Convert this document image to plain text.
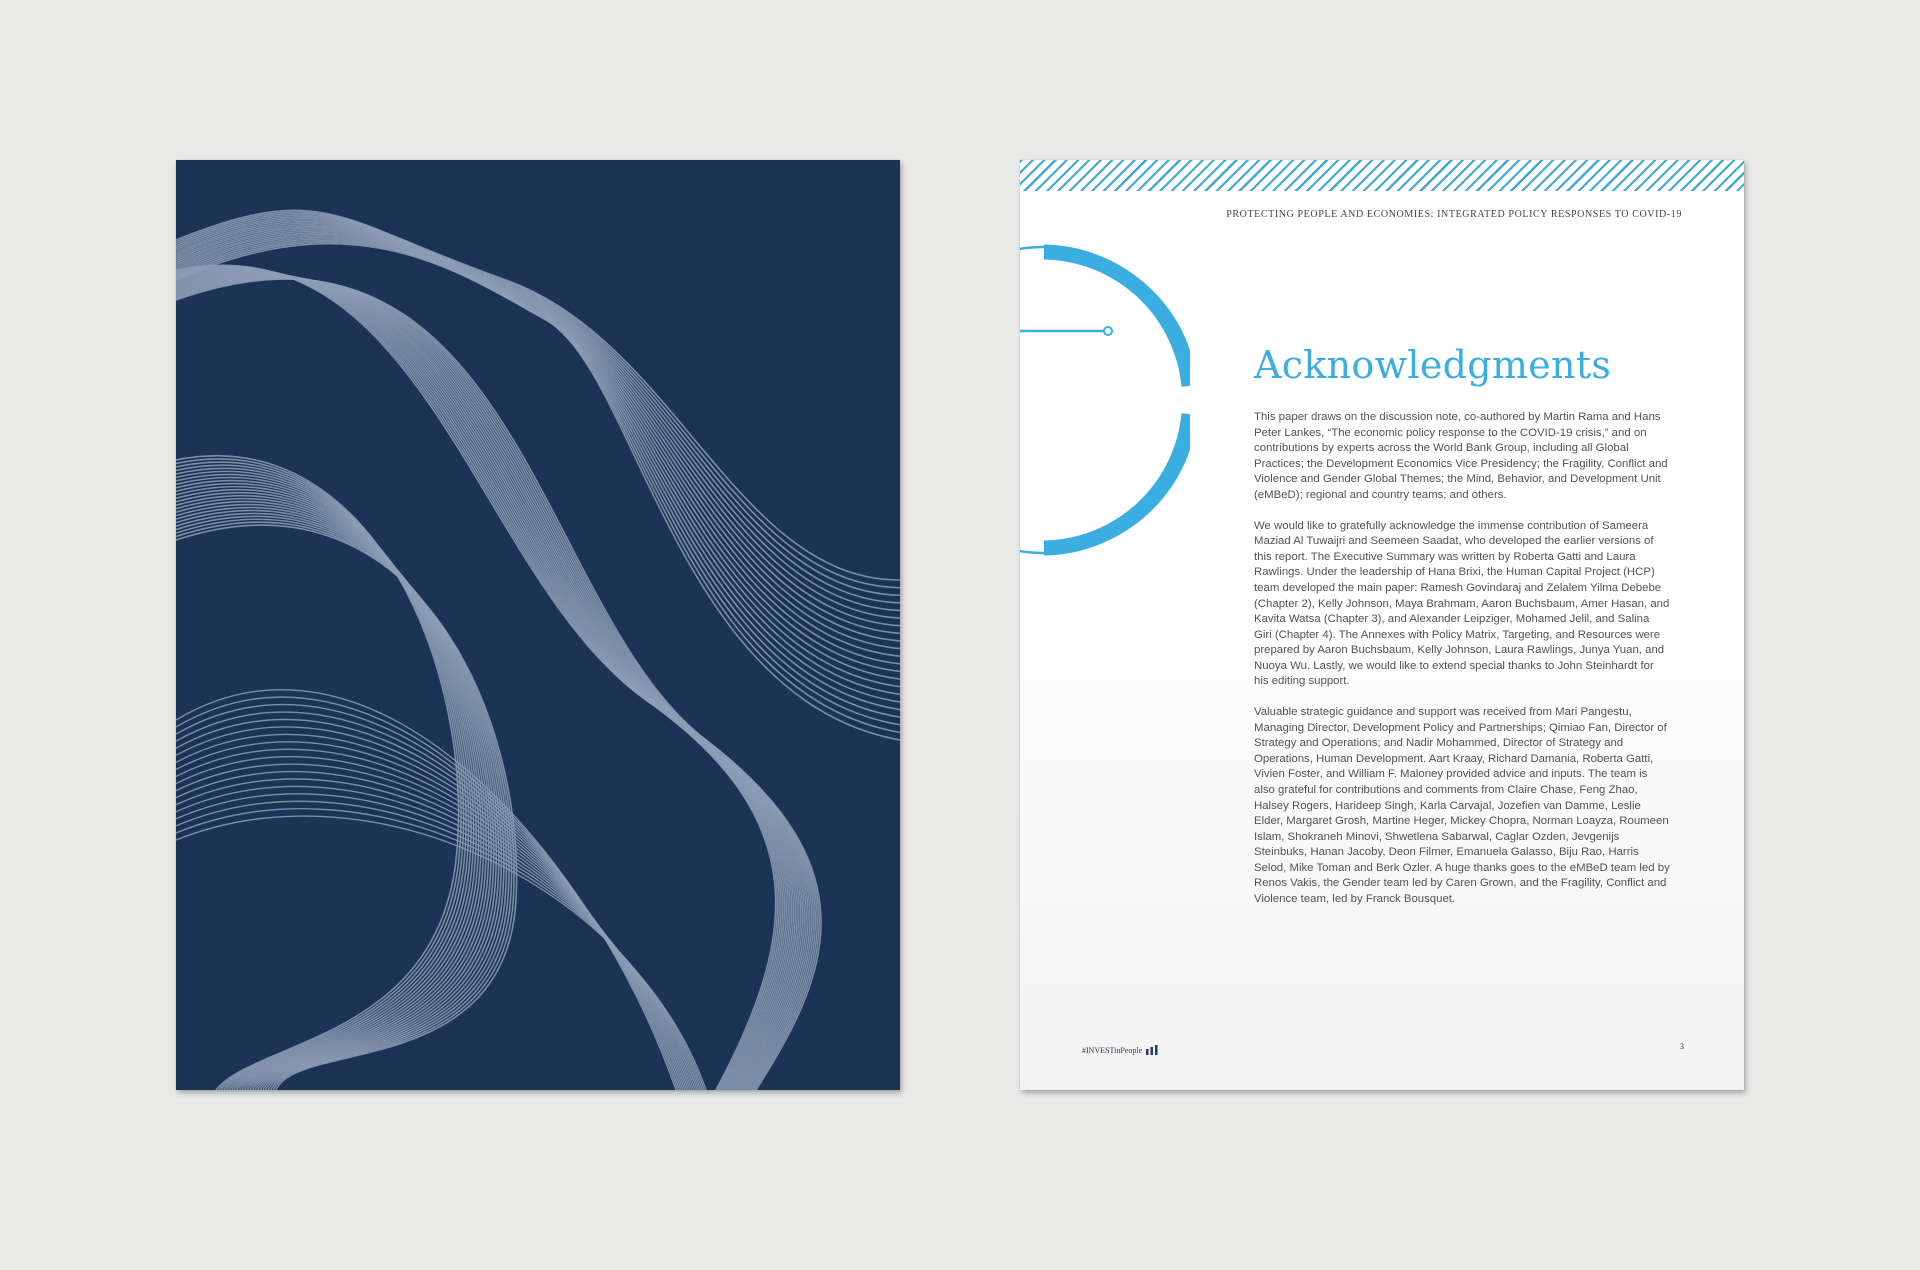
PROTECTING PEOPLE AND ECONOMIES: INTEGRATED POLICY RESPONSES TO COVID-19
Acknowledgments

This paper draws on the discussion note, co-authored by Martin Rama and Hans Peter Lankes, “The economic policy response to the COVID-19 crisis,” and on contributions by experts across the World Bank Group, including all Global Practices; the Development Economics Vice Presidency; the Fragility, Conflict and Violence and Gender Global Themes; the Mind, Behavior, and Development Unit (eMBeD); regional and country teams; and others.

We would like to gratefully acknowledge the immense contribution of Sameera Maziad Al Tuwaijri and Seemeen Saadat, who developed the earlier versions of this report. The Executive Summary was written by Roberta Gatti and Laura Rawlings. Under the leadership of Hana Brixi, the Human Capital Project (HCP) team developed the main paper: Ramesh Govindaraj and Zelalem Yilma Debebe (Chapter 2), Kelly Johnson, Maya Brahmam, Aaron Buchsbaum, Amer Hasan, and Kavita Watsa (Chapter 3), and Alexander Leipziger, Mohamed Jelil, and Salina Giri (Chapter 4). The Annexes with Policy Matrix, Targeting, and Resources were prepared by Aaron Buchsbaum, Kelly Johnson, Laura Rawlings, Junya Yuan, and Nuoya Wu. Lastly, we would like to extend special thanks to John Steinhardt for his editing support.

Valuable strategic guidance and support was received from Mari Pangestu, Managing Director, Development Policy and Partnerships; Qimiao Fan, Director of Strategy and Operations; and Nadir Mohammed, Director of Strategy and Operations, Human Development. Aart Kraay, Richard Damania, Roberta Gatti, Vivien Foster, and William F. Maloney provided advice and inputs. The team is also grateful for contributions and comments from Claire Chase, Feng Zhao, Halsey Rogers, Harideep Singh, Karla Carvajal, Jozefien van Damme, Leslie Elder, Margaret Grosh, Martine Heger, Mickey Chopra, Norman Loayza, Roumeen Islam, Shokraneh Minovi, Shwetlena Sabarwal, Caglar Ozden, Jevgenijs Steinbuks, Hanan Jacoby, Deon Filmer, Emanuela Galasso, Biju Rao, Harris Selod, Mike Toman and Berk Ozler. A huge thanks goes to the eMBeD team led by Renos Vakis, the Gender team led by Caren Grown, and the Fragility, Conflict and Violence team, led by Franck Bousquet.

#INVESTinPeople	3
